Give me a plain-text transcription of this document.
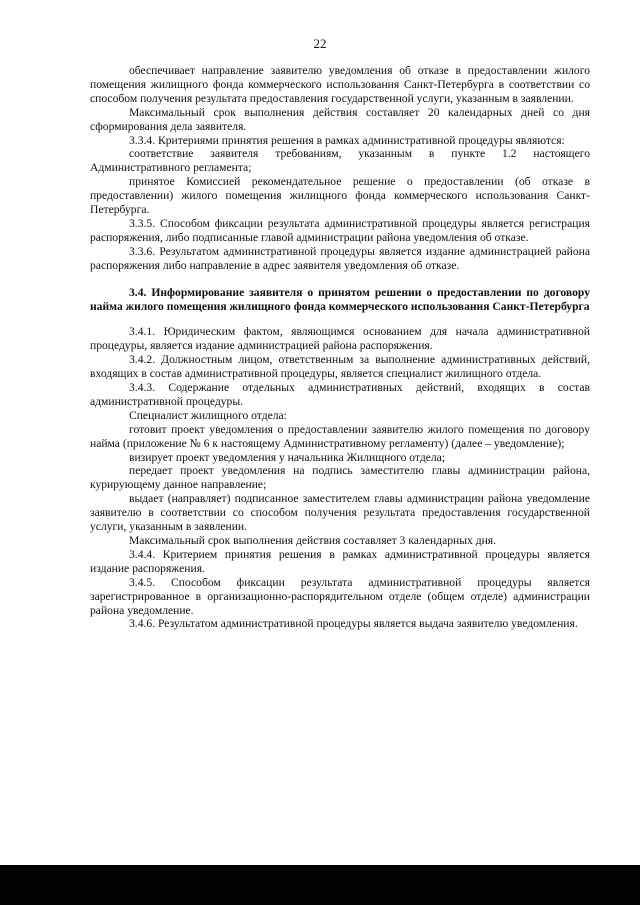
22

обеспечивает направление заявителю уведомления об отказе в предоставлении жилого помещения жилищного фонда коммерческого использования Санкт-Петербурга в соответствии со способом получения результата предоставления государственной услуги, указанным в заявлении.

Максимальный срок выполнения действия составляет 20 календарных дней со дня сформирования дела заявителя.

3.3.4. Критериями принятия решения в рамках административной процедуры являются:

соответствие заявителя требованиям, указанным в пункте 1.2 настоящего Административного регламента;

принятое Комиссией рекомендательное решение о предоставлении (об отказе в предоставлении) жилого помещения жилищного фонда коммерческого использования Санкт-Петербурга.

3.3.5. Способом фиксации результата административной процедуры является регистрация распоряжения, либо подписанные главой администрации района уведомления об отказе.

3.3.6. Результатом административной процедуры является издание администрацией района распоряжения либо направление в адрес заявителя уведомления об отказе.

3.4. Информирование заявителя о принятом решении о предоставлении по договору найма жилого помещения жилищного фонда коммерческого использования Санкт-Петербурга

3.4.1. Юридическим фактом, являющимся основанием для начала административной процедуры, является издание администрацией района распоряжения.

3.4.2. Должностным лицом, ответственным за выполнение административных действий, входящих в состав административной процедуры, является специалист жилищного отдела.

3.4.3. Содержание отдельных административных действий, входящих в состав административной процедуры.

Специалист жилищного отдела:

готовит проект уведомления о предоставлении заявителю жилого помещения по договору найма (приложение № 6 к настоящему Административному регламенту) (далее – уведомление);

визирует проект уведомления у начальника Жилищного отдела;

передает проект уведомления на подпись заместителю главы администрации района, курирующему данное направление;

выдает (направляет) подписанное заместителем главы администрации района уведомление заявителю в соответствии со способом получения результата предоставления государственной услуги, указанным в заявлении.

Максимальный срок выполнения действия составляет 3 календарных дня.

3.4.4. Критерием принятия решения в рамках административной процедуры является издание распоряжения.

3.4.5. Способом фиксации результата административной процедуры является зарегистрированное в организационно-распорядительном отделе (общем отделе) администрации района уведомление.

3.4.6. Результатом административной процедуры является выдача заявителю уведомления.
